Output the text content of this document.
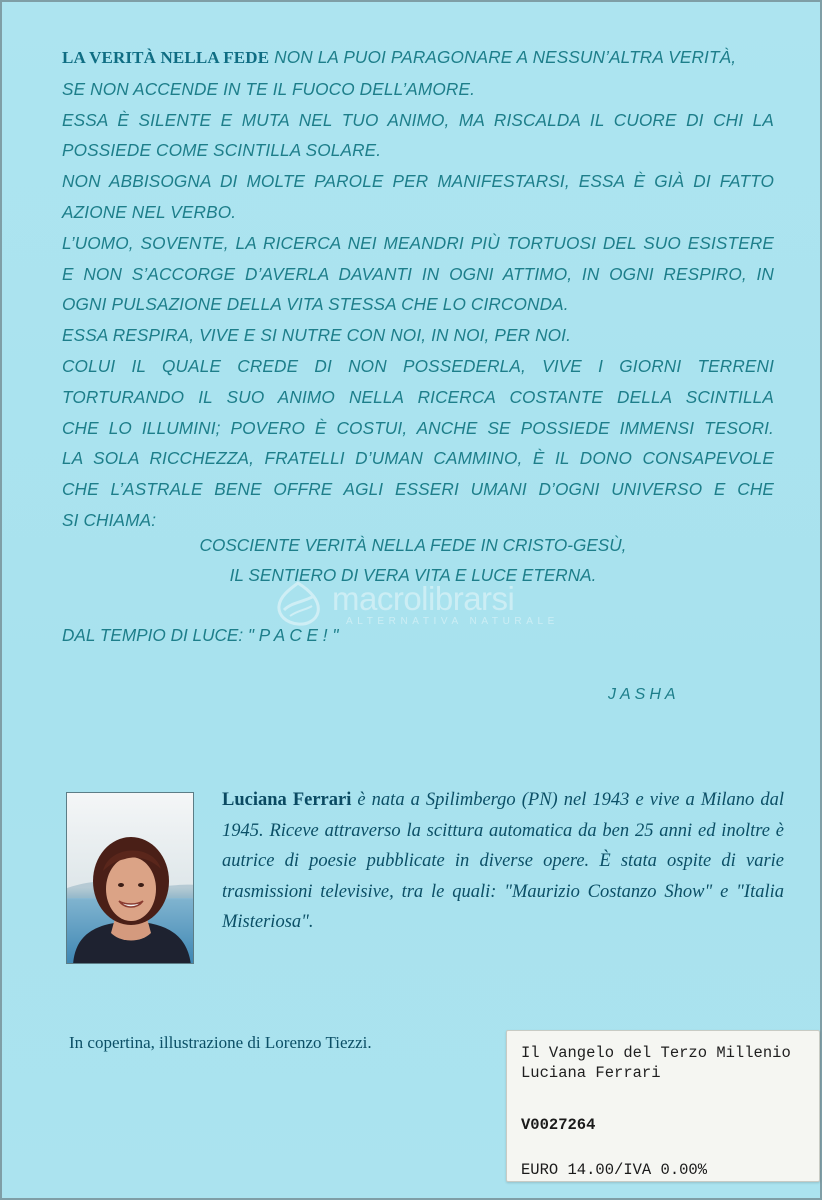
LA VERITÀ NELLA FEDE NON LA PUOI PARAGONARE A NESSUN’ALTRA VERITÀ,
SE NON ACCENDE IN TE IL FUOCO DELL’AMORE.
ESSA È SILENTE E MUTA NEL TUO ANIMO, MA RISCALDA IL CUORE DI CHI LA
POSSIEDE COME SCINTILLA SOLARE.
NON ABBISOGNA DI MOLTE PAROLE PER MANIFESTARSI, ESSA È GIÀ DI FATTO
AZIONE NEL VERBO.
L’UOMO, SOVENTE, LA RICERCA NEI MEANDRI PIÙ TORTUOSI DEL SUO ESISTERE
E NON S’ACCORGE D’AVERLA DAVANTI IN OGNI ATTIMO, IN OGNI RESPIRO, IN
OGNI PULSAZIONE DELLA VITA STESSA CHE LO CIRCONDA.
ESSA RESPIRA, VIVE E SI NUTRE CON NOI, IN NOI, PER NOI.
COLUI IL QUALE CREDE DI NON POSSEDERLA, VIVE I GIORNI TERRENI
TORTURANDO IL SUO ANIMO NELLA RICERCA COSTANTE DELLA SCINTILLA
CHE LO ILLUMINI; POVERO È COSTUI, ANCHE SE POSSIEDE IMMENSI TESORI.
LA SOLA RICCHEZZA, FRATELLI D’UMAN CAMMINO, È IL DONO CONSAPEVOLE
CHE L’ASTRALE BENE OFFRE AGLI ESSERI UMANI D’OGNI UNIVERSO E CHE
SI CHIAMA:
COSCIENTE VERITÀ NELLA FEDE IN CRISTO-GESÙ,
IL SENTIERO DI VERA VITA E LUCE ETERNA.
macrolibrarsi
ALTERNATIVA NATURALE
DAL TEMPIO DI LUCE: " P A C E ! "
JASHA
Luciana Ferrari è nata a Spilimbergo (PN) nel 1943 e vive a Milano dal 1945. Riceve attraverso la scittura automatica da ben 25 anni ed inoltre è autrice di poesie pubblicate in diverse opere. È stata ospite di varie trasmissioni televisive, tra le quali: "Maurizio Costanzo Show" e "Italia Misteriosa".
In copertina, illustrazione di Lorenzo Tiezzi.
Il Vangelo del Terzo Millenio
Luciana Ferrari
V0027264
EURO 14.00/IVA 0.00%
